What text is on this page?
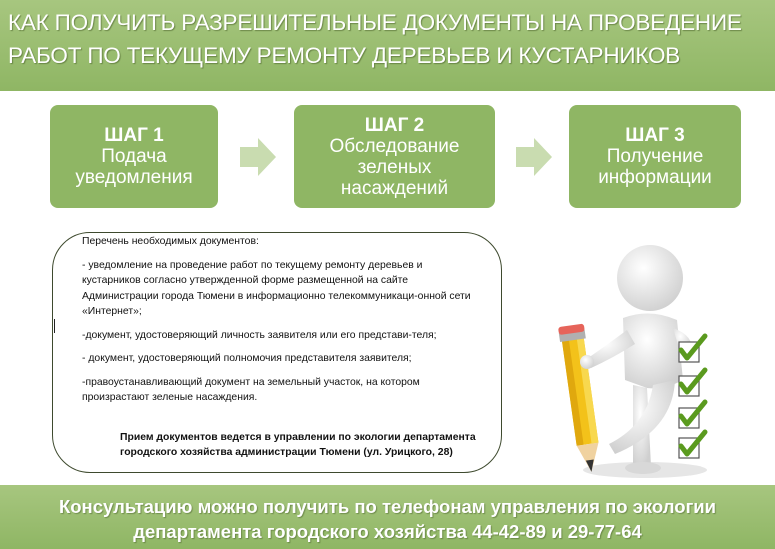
КАК ПОЛУЧИТЬ РАЗРЕШИТЕЛЬНЫЕ ДОКУМЕНТЫ НА ПРОВЕДЕНИЕ
РАБОТ ПО ТЕКУЩЕМУ РЕМОНТУ ДЕРЕВЬЕВ И КУСТАРНИКОВ
ШАГ 1
Подача
уведомления
ШАГ 2
Обследование
зеленых
насаждений
ШАГ 3
Получение
информации

Перечень необходимых документов:

- уведомление на проведение работ по текущему ремонту деревьев и кустарников согласно утвержденной форме размещенной на сайте Администрации города Тюмени в информационно телекоммуникаци-онной сети «Интернет»;

-документ, удостоверяющий личность заявителя или его представи-теля;

- документ, удостоверяющий полномочия представителя заявителя;

-правоустанавливающий документ на земельный участок, на котором произрастают зеленые насаждения.

Прием документов ведется в управлении по экологии департамента
городского хозяйства администрации Тюмени (ул. Урицкого, 28)
Консультацию можно получить по телефонам управления по экологии
департамента городского хозяйства 44-42-89 и 29-77-64
